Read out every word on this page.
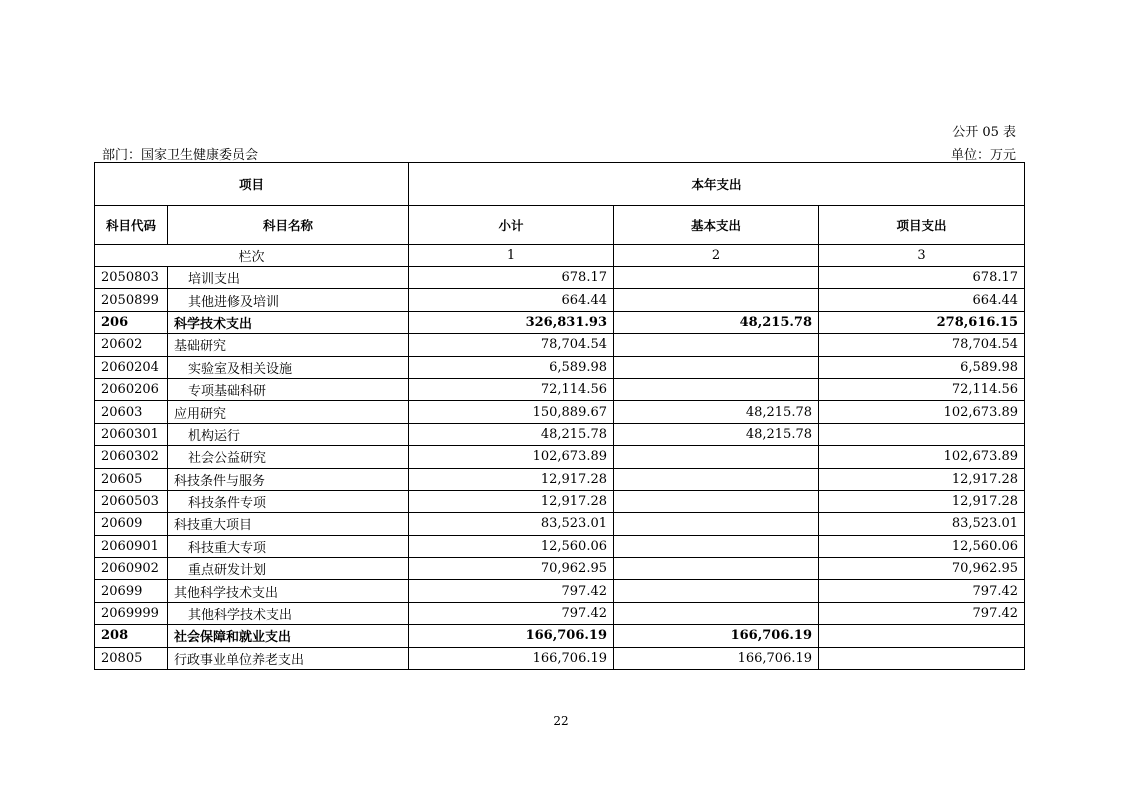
公开 05 表
部门：国家卫生健康委员会	单位：万元
项目		本年支出		
科目代码	科目名称	小计	基本支出	项目支出
栏次		1	2	3
2050803	培训支出	678.17		678.17
2050899	其他进修及培训	664.44		664.44
206	科学技术支出	326,831.93	48,215.78	278,616.15
20602	基础研究	78,704.54		78,704.54
2060204	实验室及相关设施	6,589.98		6,589.98
2060206	专项基础科研	72,114.56		72,114.56
20603	应用研究	150,889.67	48,215.78	102,673.89
2060301	机构运行	48,215.78	48,215.78	
2060302	社会公益研究	102,673.89		102,673.89
20605	科技条件与服务	12,917.28		12,917.28
2060503	科技条件专项	12,917.28		12,917.28
20609	科技重大项目	83,523.01		83,523.01
2060901	科技重大专项	12,560.06		12,560.06
2060902	重点研发计划	70,962.95		70,962.95
20699	其他科学技术支出	797.42		797.42
2069999	其他科学技术支出	797.42		797.42
208	社会保障和就业支出	166,706.19	166,706.19	
20805	行政事业单位养老支出	166,706.19	166,706.19	
22
